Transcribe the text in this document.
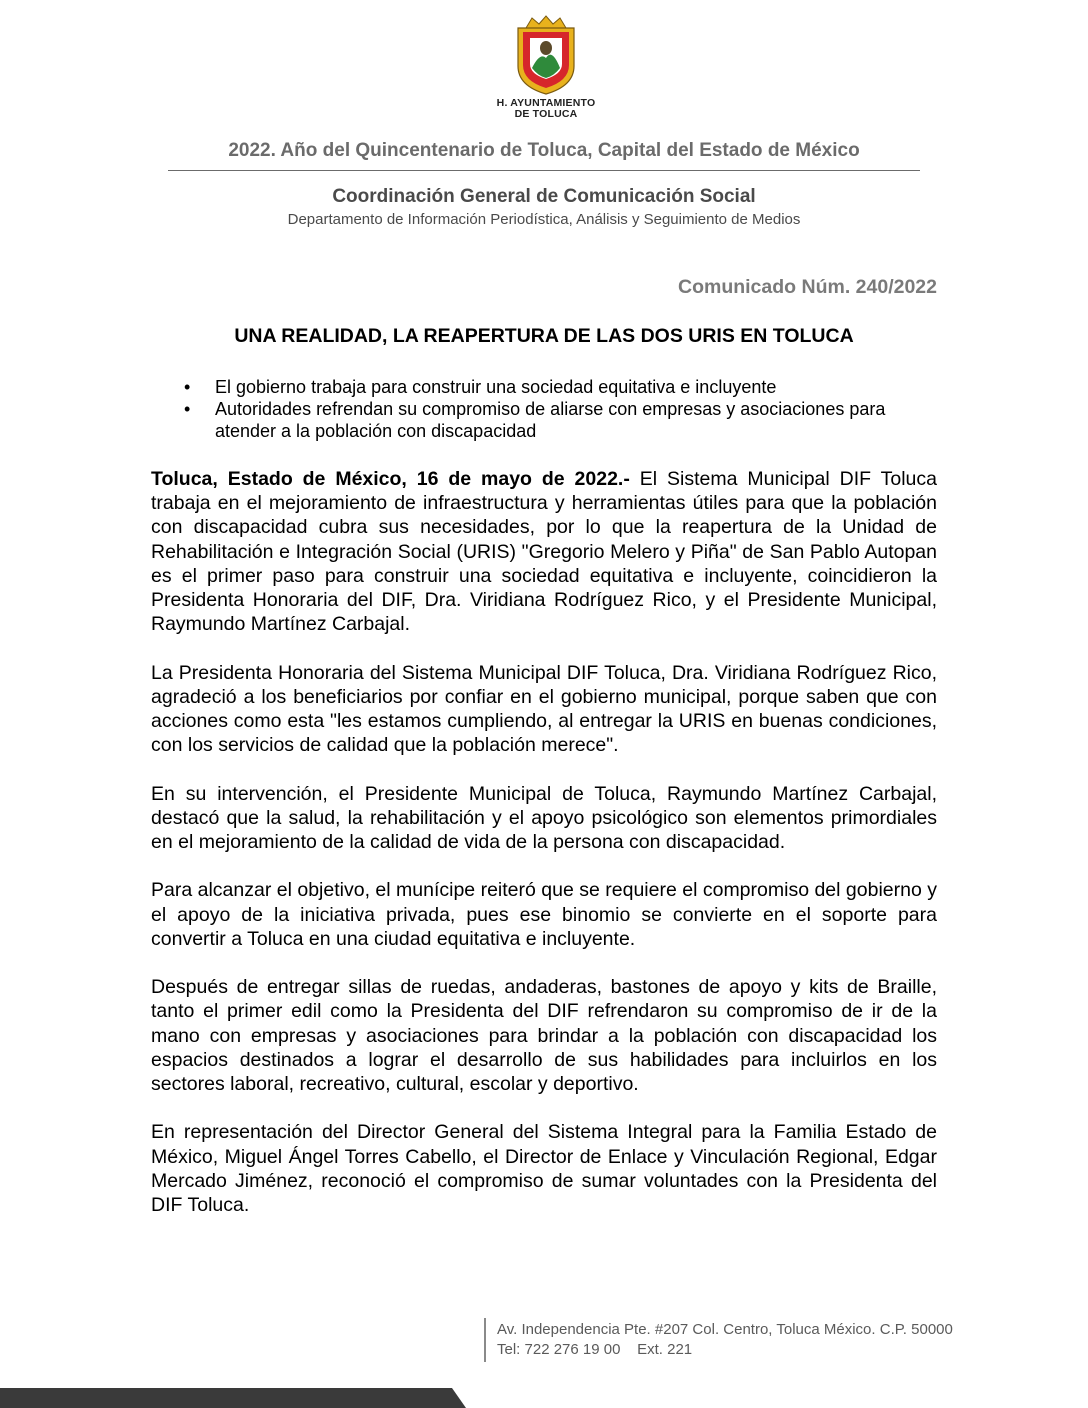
H. AYUNTAMIENTO
DE TOLUCA
2022. Año del Quincentenario de Toluca, Capital del Estado de México
Coordinación General de Comunicación Social
Departamento de Información Periodística, Análisis y Seguimiento de Medios
Comunicado Núm. 240/2022
UNA REALIDAD, LA REAPERTURA DE LAS DOS URIS EN TOLUCA
• El gobierno trabaja para construir una sociedad equitativa e incluyente
• Autoridades refrendan su compromiso de aliarse con empresas y asociaciones para atender a la población con discapacidad

Toluca, Estado de México, 16 de mayo de 2022.- El Sistema Municipal DIF Toluca trabaja en el mejoramiento de infraestructura y herramientas útiles para que la población con discapacidad cubra sus necesidades, por lo que la reapertura de la Unidad de Rehabilitación e Integración Social (URIS) "Gregorio Melero y Piña" de San Pablo Autopan es el primer paso para construir una sociedad equitativa e incluyente, coincidieron la Presidenta Honoraria del DIF, Dra. Viridiana Rodríguez Rico, y el Presidente Municipal, Raymundo Martínez Carbajal.

La Presidenta Honoraria del Sistema Municipal DIF Toluca, Dra. Viridiana Rodríguez Rico, agradeció a los beneficiarios por confiar en el gobierno municipal, porque saben que con acciones como esta "les estamos cumpliendo, al entregar la URIS en buenas condiciones, con los servicios de calidad que la población merece".

En su intervención, el Presidente Municipal de Toluca, Raymundo Martínez Carbajal, destacó que la salud, la rehabilitación y el apoyo psicológico son elementos primordiales en el mejoramiento de la calidad de vida de la persona con discapacidad.

Para alcanzar el objetivo, el munícipe reiteró que se requiere el compromiso del gobierno y el apoyo de la iniciativa privada, pues ese binomio se convierte en el soporte para convertir a Toluca en una ciudad equitativa e incluyente.

Después de entregar sillas de ruedas, andaderas, bastones de apoyo y kits de Braille, tanto el primer edil como la Presidenta del DIF refrendaron su compromiso de ir de la mano con empresas y asociaciones para brindar a la población con discapacidad los espacios destinados a lograr el desarrollo de sus habilidades para incluirlos en los sectores laboral, recreativo, cultural, escolar y deportivo.

En representación del Director General del Sistema Integral para la Familia Estado de México, Miguel Ángel Torres Cabello, el Director de Enlace y Vinculación Regional, Edgar Mercado Jiménez, reconoció el compromiso de sumar voluntades con la Presidenta del DIF Toluca.

Av. Independencia Pte. #207 Col. Centro, Toluca México. C.P. 50000
Tel: 722 276 19 00    Ext. 221
